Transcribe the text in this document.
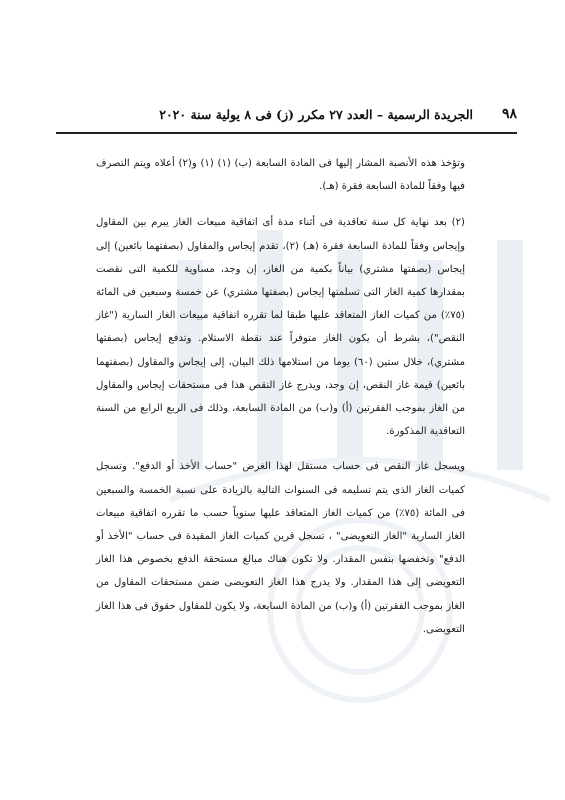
٩٨
الجريدة الرسمية – العدد ٢٧ مكرر (ز) فى ٨ يولية سنة ٢٠٢٠

وتؤخذ هذه الأنصبة المشار إليها فى المادة السابعة (ب) (١) (١) و(٢) أعلاه ويتم التصرف فيها وفقاً للمادة السابعة فقرة (هـ).

(٢) بعد نهاية كل سنة تعاقدية فى أثناء مدة أى اتفاقية مبيعات الغاز يبرم بين المقاول وإيجاس وفقاً للمادة السابعة فقرة (هـ) (٢)، تقدم إيجاس والمقاول (بصفتهما بائعين) إلى إيجاس (بصفتها مشتري) بياناً بكمية من الغاز، إن وجد، مساوية للكمية التى نقصت بمقدارها كمية الغاز التى تسلمتها إيجاس (بصفتها مشتري) عن خمسة وسبعين فى المائة (٧٥٪) من كميات الغاز المتعاقد عليها طبقا لما تقرره اتفاقية مبيعات الغاز السارية ("غاز النقص")، بشرط أن يكون الغاز متوفراً عند نقطة الاستلام. وتدفع إيجاس (بصفتها مشتري)، خلال ستين (٦٠) يوما من استلامها ذلك البيان، إلى إيجاس والمقاول (بصفتهما بائعين) قيمة غاز النقص، إن وجد، ويدرج غاز النقص هذا فى مستحقات إيجاس والمقاول من الغاز بموجب الفقرتين (أ) و(ب) من المادة السابعة، وذلك فى الربع الرابع من السنة التعاقدية المذكورة.

ويسجل غاز النقص فى حساب مستقل لهذا الغرض "حساب الأخذ أو الدفع". وتسجل كميات الغاز الذى يتم تسليمه فى السنوات التالية بالزيادة على نسبة الخمسة والسبعين فى المائة (٧٥٪) من كميات الغاز المتعاقد عليها سنوياً حسب ما تقرره اتفاقية مبيعات الغاز السارية "الغاز التعويضى" ، تسجل قرين كميات الغاز المقيدة فى حساب "الأخذ أو الدفع" وتخفضها بنفس المقدار. ولا تكون هناك مبالغ مستحقة الدفع بخصوص هذا الغاز التعويضى إلى هذا المقدار. ولا يدرج هذا الغاز التعويضى ضمن مستحقات المقاول من الغاز بموجب الفقرتين (أ) و(ب) من المادة السابعة، ولا يكون للمقاول حقوق فى هذا الغاز التعويضى.
